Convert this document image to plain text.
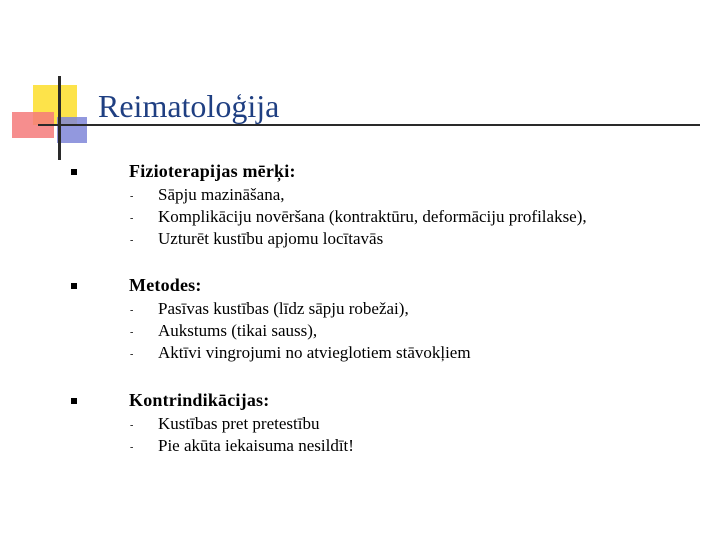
Reimatoloģija
Fizioterapijas mērķi:
- Sāpju mazināšana,
- Komplikāciju novēršana (kontraktūru, deformāciju profilakse),
- Uzturēt kustību apjomu locītavās
Metodes:
- Pasīvas kustības (līdz sāpju robežai),
- Aukstums (tikai sauss),
- Aktīvi vingrojumi no atvieglotiem stāvokļiem
Kontrindikācijas:
- Kustības pret pretestību
- Pie akūta iekaisuma nesildīt!
